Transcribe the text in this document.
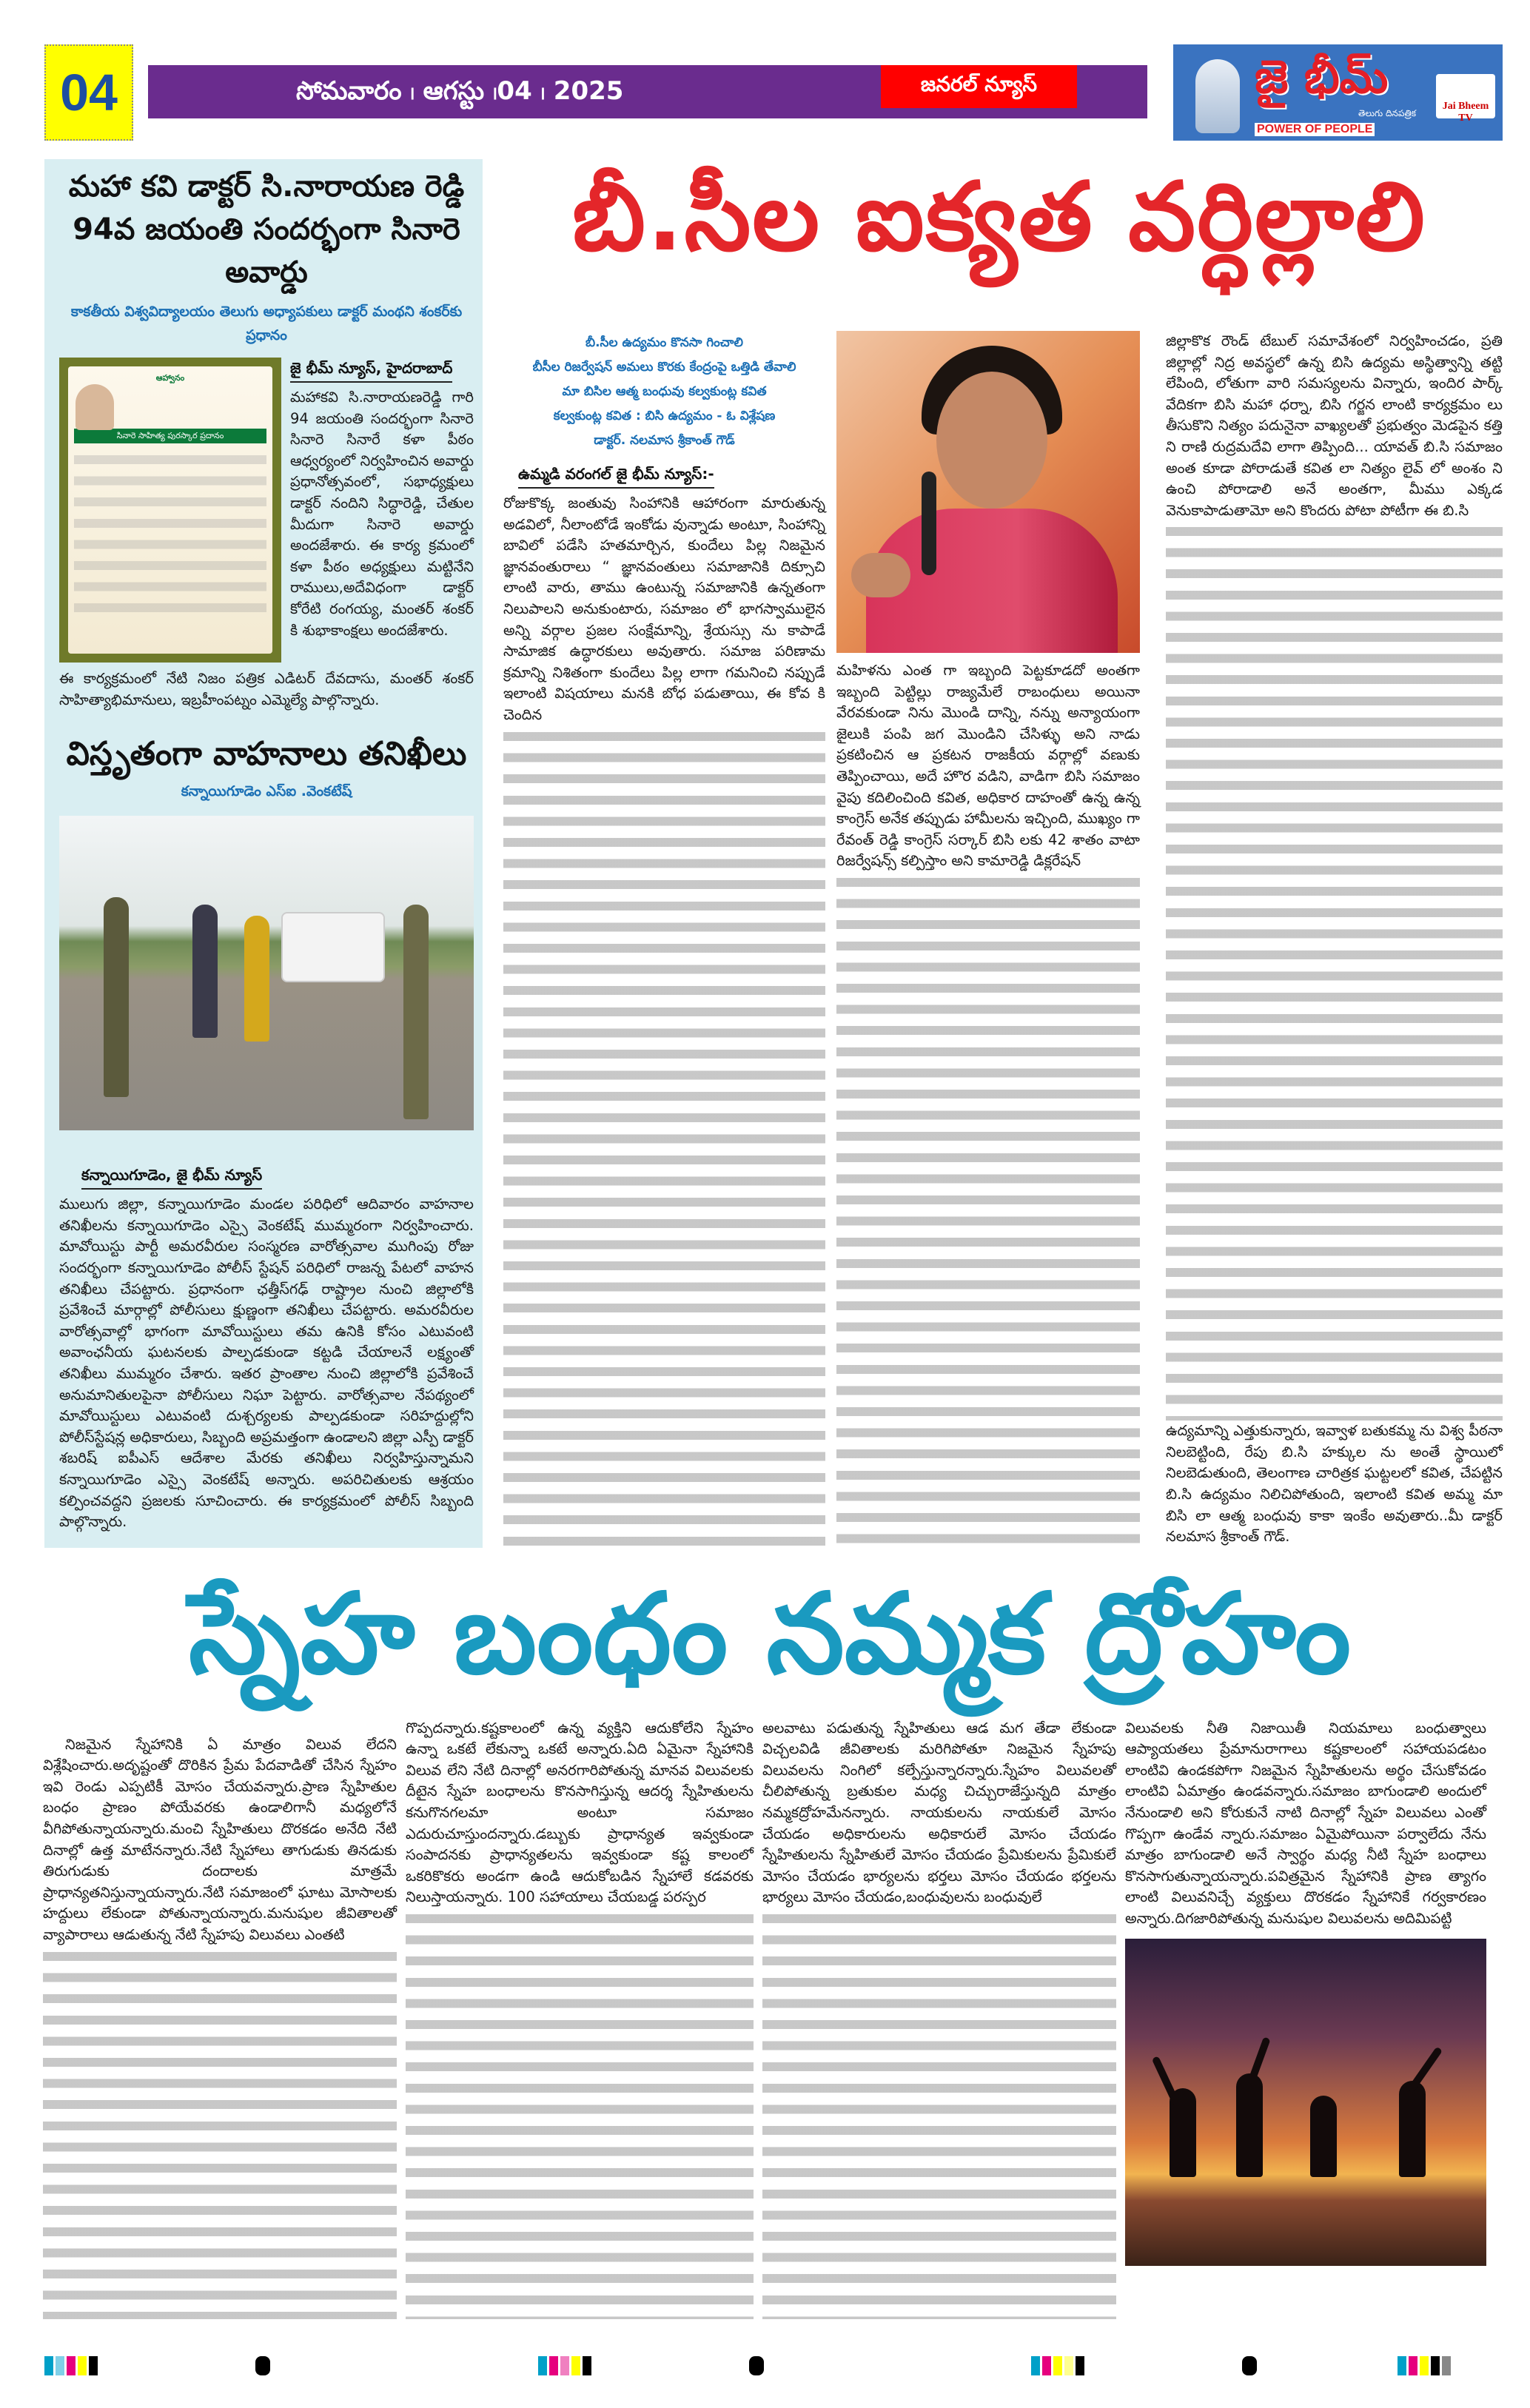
04	సోమవారం ၊ ఆగస్టు ၊04 ၊ 2025	జనరల్ న్యూస్	జై భీమ్
తెలుగు దినపత్రిక
POWER OF PEOPLE
Jai Bheem TV
మహా కవి డాక్టర్ సి.నారాయణ రెడ్డి 94వ జయంతి సందర్భంగా సినారె అవార్డు
కాకతీయ విశ్వవిద్యాలయం తెలుగు అధ్యాపకులు డాక్టర్ మంథని శంకర్‌కు ప్రధానం
ఆహ్వానం
సినారె సాహిత్య పురస్కార ప్రదానం
జై భీమ్ న్యూస్, హైదరాబాద్
మహాకవి సి.నారాయణరెడ్డి గారి 94 జయంతి సందర్భంగా సినారె సినారె సినారే కళా పీఠం ఆధ్వర్యంలో నిర్వహించిన అవార్డు ప్రధానోత్సవంలో, సభాధ్యక్షులు డాక్టర్ నందిని సిద్ధారెడ్డి, చేతుల మీదుగా సినారె అవార్డు అందజేశారు. ఈ కార్య క్రమంలో కళా పీఠం అధ్యక్షులు మట్టినేని రాములు,అదేవిధంగా డాక్టర్ కోరేటి రంగయ్య, మంతర్ శంకర్ కి శుభాకాంక్షలు అందజేశారు.
ఈ కార్యక్రమంలో నేటి నిజం పత్రిక ఎడిటర్ దేవదాసు, మంతర్ శంకర్ సాహిత్యాభిమానులు, ఇబ్రహీంపట్నం ఎమ్మెల్యే పాల్గొన్నారు.
విస్తృతంగా వాహనాలు తనిఖీలు
కన్నాయిగూడెం ఎస్ఐ .వెంకటేష్
కన్నాయిగూడెం, జై భీమ్ న్యూస్
ములుగు జిల్లా, కన్నాయిగూడెం మండల పరిధిలో ఆదివారం వాహనాల తనిఖీలను కన్నాయిగూడెం ఎస్సై వెంకటేష్ ముమ్మరంగా నిర్వహించారు. మావోయిస్టు పార్టీ అమరవీరుల సంస్మరణ వారోత్సవాల ముగింపు రోజు సందర్భంగా కన్నాయిగూడెం పోలీస్ స్టేషన్ పరిధిలో రాజన్న పేటలో వాహన తనిఖీలు చేపట్టారు. ప్రధానంగా ఛత్తీస్‌గఢ్ రాష్ట్రాల నుంచి జిల్లాలోకి ప్రవేశించే మార్గాల్లో పోలీసులు క్షుణ్ణంగా తనిఖీలు చేపట్టారు. అమరవీరుల వారోత్సవాల్లో భాగంగా మావోయిస్టులు తమ ఉనికి కోసం ఎటువంటి అవాంఛనీయ ఘటనలకు పాల్పడకుండా కట్టడి చేయాలనే లక్ష్యంతో తనిఖీలు ముమ్మరం చేశారు. ఇతర ప్రాంతాల నుంచి జిల్లాలోకి ప్రవేశించే అనుమానితులపైనా పోలీసులు నిఘా పెట్టారు. వారోత్సవాల నేపథ్యంలో మావోయిస్టులు ఎటువంటి దుశ్చర్యలకు పాల్పడకుండా సరిహద్దుల్లోని పోలీస్‌స్టేషన్ల అధికారులు, సిబ్బంది అప్రమత్తంగా ఉండాలని జిల్లా ఎస్పీ డాక్టర్ శబరిష్ ఐపీఎస్ ఆదేశాల మేరకు తనిఖీలు నిర్వహిస్తున్నామని కన్నాయిగూడెం ఎస్సై వెంకటేష్ అన్నారు. అపరిచితులకు ఆశ్రయం కల్పించవద్దని ప్రజలకు సూచించారు. ఈ కార్యక్రమంలో పోలీస్ సిబ్బంది పాల్గొన్నారు.
బీ.సీల ఐక్యత వర్ధిల్లాలి
బీ.సీల ఉద్యమం కొనసా గించాలి
బీసీల రిజర్వేషన్ అమలు కొరకు కేంద్రంపై ఒత్తిడి తేవాలి
మా బిసిల ఆత్మ బంధువు కల్వకుంట్ల కవిత
కల్వకుంట్ల కవిత : బిసి ఉద్యమం - ఓ విశ్లేషణ
డాక్టర్. నలమాస శ్రీకాంత్ గౌడ్
ఉమ్మడి వరంగల్ జై భీమ్ న్యూస్:-
రోజుకొక్క జంతువు సింహానికి ఆహారంగా మారుతున్న అడవిలో, నీలాంటోడే ఇంకోడు వున్నాడు అంటూ, సింహాన్ని బావిలో పడేసి హతమార్చిన, కుందేలు పిల్ల నిజమైన జ్ఞానవంతురాలు “ జ్ఞానవంతులు సమాజానికి దిక్సూచి లాంటి వారు, తాము ఉంటున్న సమాజానికి ఉన్నతంగా నిలుపాలని అనుకుంటారు, సమాజం లో భాగస్వాములైన అన్ని వర్గాల ప్రజల సంక్షేమాన్ని, శ్రేయస్సు ను కాపాడే సామాజిక ఉద్ధారకులు అవుతారు. సమాజ పరిణామ క్రమాన్ని నిశితంగా కుందేలు పిల్ల లాగా గమనించి నప్పుడే ఇలాంటి విషయాలు మనకి బోధ పడుతాయి, ఈ కోవ కి చెందిన
మహిళను ఎంత గా ఇబ్బంది పెట్టకూడదో అంతగా ఇబ్బంది పెట్టిల్లు రాజ్యమేలే రాబంధులు అయినా వేరవకుండా నిను మొండి దాన్ని, నన్ను అన్యాయంగా జైలుకి పంపి జగ మొండిని చేసిళ్ళు అని నాడు ప్రకటించిన ఆ ప్రకటన రాజకీయ వర్గాల్లో వణుకు తెప్పించాయి, అదే హొర వడిని, వాడిగా బిసి సమాజం వైపు కదిలించింది కవిత, అధికార దాహంతో ఉన్న ఉన్న కాంగ్రెస్ అనేక తప్పుడు హామీలను ఇచ్చింది, ముఖ్యం గా రేవంత్ రెడ్డి కాంగ్రెస్ సర్కార్ బిసి లకు 42 శాతం వాటా రిజర్వేషన్స్ కల్పిస్తాం అని కామారెడ్డి డిక్లరేషన్
జిల్లాకొక రౌండ్ టేబుల్ సమావేశంలో నిర్వహించడం, ప్రతి జిల్లాల్లో నిద్ర అవస్థలో ఉన్న బిసి ఉద్యమ అస్థిత్వాన్ని తట్టి లేపింది, లోతుగా వారి సమస్యలను విన్నారు, ఇందిర పార్క్ వేదికగా బిసి మహా ధర్నా, బిసి గర్జన లాంటి కార్యక్రమం లు తీసుకొని నిత్యం పదునైనా వాఖ్యలతో ప్రభుత్వం మెడపైన కత్తి ని రాణి రుద్రమదేవి లాగా తిప్పింది... యావత్ బి.సి సమాజం అంత కూడా పోరాడుతే కవిత లా నిత్యం లైవ్ లో అంశం ని ఉంచి పోరాడాలి అనే అంతగా, మీము ఎక్కడ వెనుకాపాడుతామో అని కొందరు పోటా పోటీగా ఈ బి.సి
ఉద్యమాన్ని ఎత్తుకున్నారు, ఇవ్వాళ బతుకమ్మ ను విశ్వ పీఠనా నిలబెట్టింది, రేపు బి.సి హక్కుల ను అంతే స్థాయిలో నిలబెడుతుంది, తెలంగాణ చారిత్రక ఘట్టలలో కవిత, చేపట్టిన బి.సి ఉద్యమం నిలిచిపోతుంది, ఇలాంటి కవిత అమ్మ మా బిసి లా ఆత్మ బంధువు కాకా ఇంకేం అవుతారు..మీ డాక్టర్ నలమాస శ్రీకాంత్ గౌడ్.
స్నేహ బంధం నమ్మక ద్రోహం
నిజమైన స్నేహానికి ఏ మాత్రం విలువ లేదని విశ్లేషించారు.అదృష్టంతో దొరికిన ప్రేమ పేదవాడితో చేసిన స్నేహం ఇవి రెండు ఎప్పటికీ మోసం చేయవన్నారు.ప్రాణ స్నేహితుల బంధం ప్రాణం పోయేవరకు ఉండాలిగానీ మధ్యలోనే వీగిపోతున్నాయన్నారు.మంచి స్నేహితులు దొరకడం అనేది నేటి దినాల్లో ఉత్త మాటేనన్నారు.నేటి స్నేహాలు తాగుడుకు తినడుకు తిరుగుడుకు దందాలకు మాత్రమే ప్రాధాన్యతనిస్తున్నాయన్నారు.నేటి సమాజంలో ఘాటు మోసాలకు హద్దులు లేకుండా పోతున్నాయన్నారు.మనుషుల జీవితాలతో వ్యాపారాలు ఆడుతున్న నేటి స్నేహపు విలువలు ఎంతటి
గొప్పదన్నారు.కష్టకాలంలో ఉన్న వ్యక్తిని ఆదుకోలేని స్నేహం ఉన్నా ఒకటే లేకున్నా ఒకటే అన్నారు.ఏది ఏమైనా స్నేహానికి విలువ లేని నేటి దినాల్లో అనరగారిపోతున్న మానవ విలువలకు దీటైన స్నేహ బంధాలను కొనసాగిస్తున్న ఆదర్శ స్నేహితులను కనుగొనగలమా అంటూ సమాజం ఎదురుచూస్తుందన్నారు.డబ్బుకు ప్రాధాన్యత ఇవ్వకుండా సంపాదనకు ప్రాధాన్యతలను ఇవ్వకుండా కష్ట కాలంలో ఒకరికొకరు అండగా ఉండి ఆదుకోబడిన స్నేహాలే కడవరకు నిలుస్తాయన్నారు. 100 సహాయాలు చేయబడ్డ పరస్పర
అలవాటు పడుతున్న స్నేహితులు ఆడ మగ తేడా లేకుండా విచ్చలవిడి జీవితాలకు మరిగిపోతూ నిజమైన స్నేహపు విలువలను నింగిలో కల్పేస్తున్నారన్నారు.స్నేహం విలువలతో చీలిపోతున్న బ్రతుకుల మధ్య చిచ్చురాజేస్తున్నది మాత్రం నమ్మకద్రోహమేనన్నారు. నాయకులను నాయకులే మోసం చేయడం అధికారులను అధికారులే మోసం చేయడం స్నేహితులను స్నేహితులే మోసం చేయడం ప్రేమికులను ప్రేమికులే మోసం చేయడం భార్యలను భర్తలు మోసం చేయడం భర్తలను భార్యలు మోసం చేయడం,బంధువులను బంధువులే
విలువలకు నీతి నిజాయితీ నియమాలు బంధుత్వాలు ఆప్యాయతలు ప్రేమానురాగాలు కష్టకాలంలో సహాయపడటం లాంటివి ఉండకపోగా నిజమైన స్నేహితులను అర్థం చేసుకోవడం లాంటివి ఏమాత్రం ఉండవన్నారు.సమాజం బాగుండాలి అందులో నేనుండాలి అని కోరుకునే నాటి దినాల్లో స్నేహ విలువలు ఎంతో గొప్పగా ఉండేవ న్నారు.సమాజం ఏమైపోయినా పర్వాలేదు నేను మాత్రం బాగుండాలి అనే స్వార్థం మధ్య నీటి స్నేహ బంధాలు కొనసాగుతున్నాయన్నారు.పవిత్రమైన స్నేహానికి ప్రాణ త్యాగం లాంటి విలువనిచ్చే వ్యక్తులు దొరకడం స్నేహానికే గర్వకారణం అన్నారు.దిగజారిపోతున్న మనుషుల విలువలను అదిమిపట్టి
